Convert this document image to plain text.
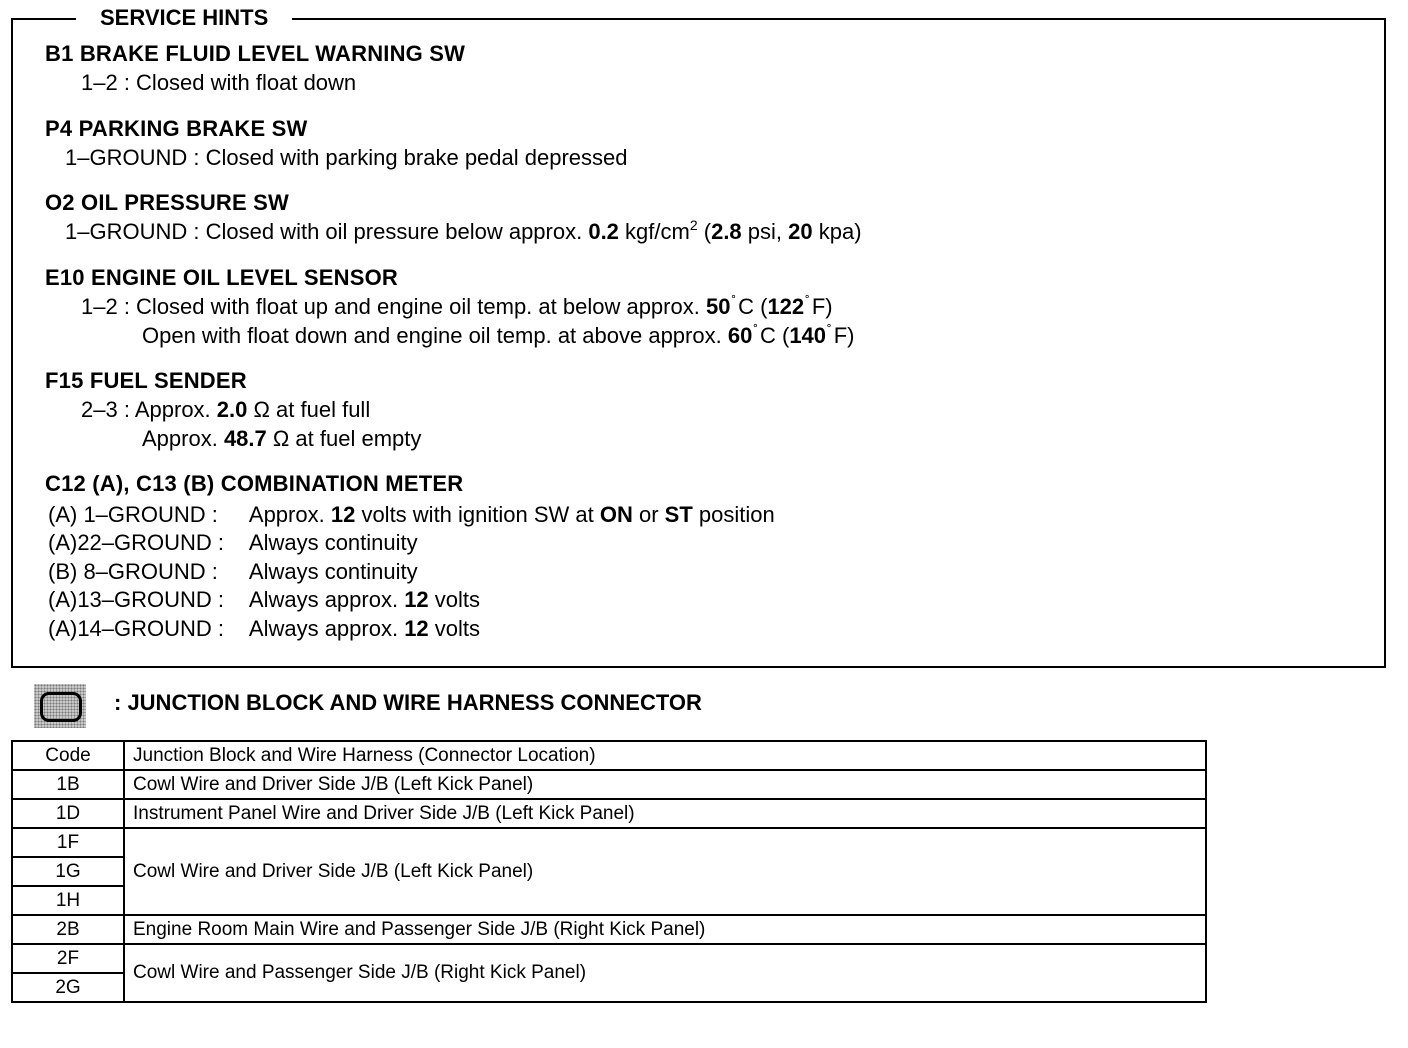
SERVICE HINTS
B1 BRAKE FLUID LEVEL WARNING SW
1–2 : Closed with float down
P4 PARKING BRAKE SW
1–GROUND : Closed with parking brake pedal depressed
O2 OIL PRESSURE SW
1–GROUND : Closed with oil pressure below approx. 0.2 kgf/$cm^2$ (2.8 psi, 20 kpa)
E10 ENGINE OIL LEVEL SENSOR
1–2 : Closed with float up and engine oil temp. at below approx. 50˚C (122˚F)
Open with float down and engine oil temp. at above approx. 60˚C (140˚F)
F15 FUEL SENDER
2–3 : Approx. 2.0 Ω at fuel full
Approx. 48.7 Ω at fuel empty
C12 (A), C13 (B) COMBINATION METER
(A) 1–GROUND : Approx. 12 volts with ignition SW at ON or ST position
(A)22–GROUND : Always continuity
(B) 8–GROUND : Always continuity
(A)13–GROUND : Always approx. 12 volts
(A)14–GROUND : Always approx. 12 volts
: JUNCTION BLOCK AND WIRE HARNESS CONNECTOR
Code	Junction Block and Wire Harness (Connector Location)
1B	Cowl Wire and Driver Side J/B (Left Kick Panel)
1D	Instrument Panel Wire and Driver Side J/B (Left Kick Panel)
1F	Cowl Wire and Driver Side J/B (Left Kick Panel)
1G	
1H	
2B	Engine Room Main Wire and Passenger Side J/B (Right Kick Panel)
2F	Cowl Wire and Passenger Side J/B (Right Kick Panel)
2G	
